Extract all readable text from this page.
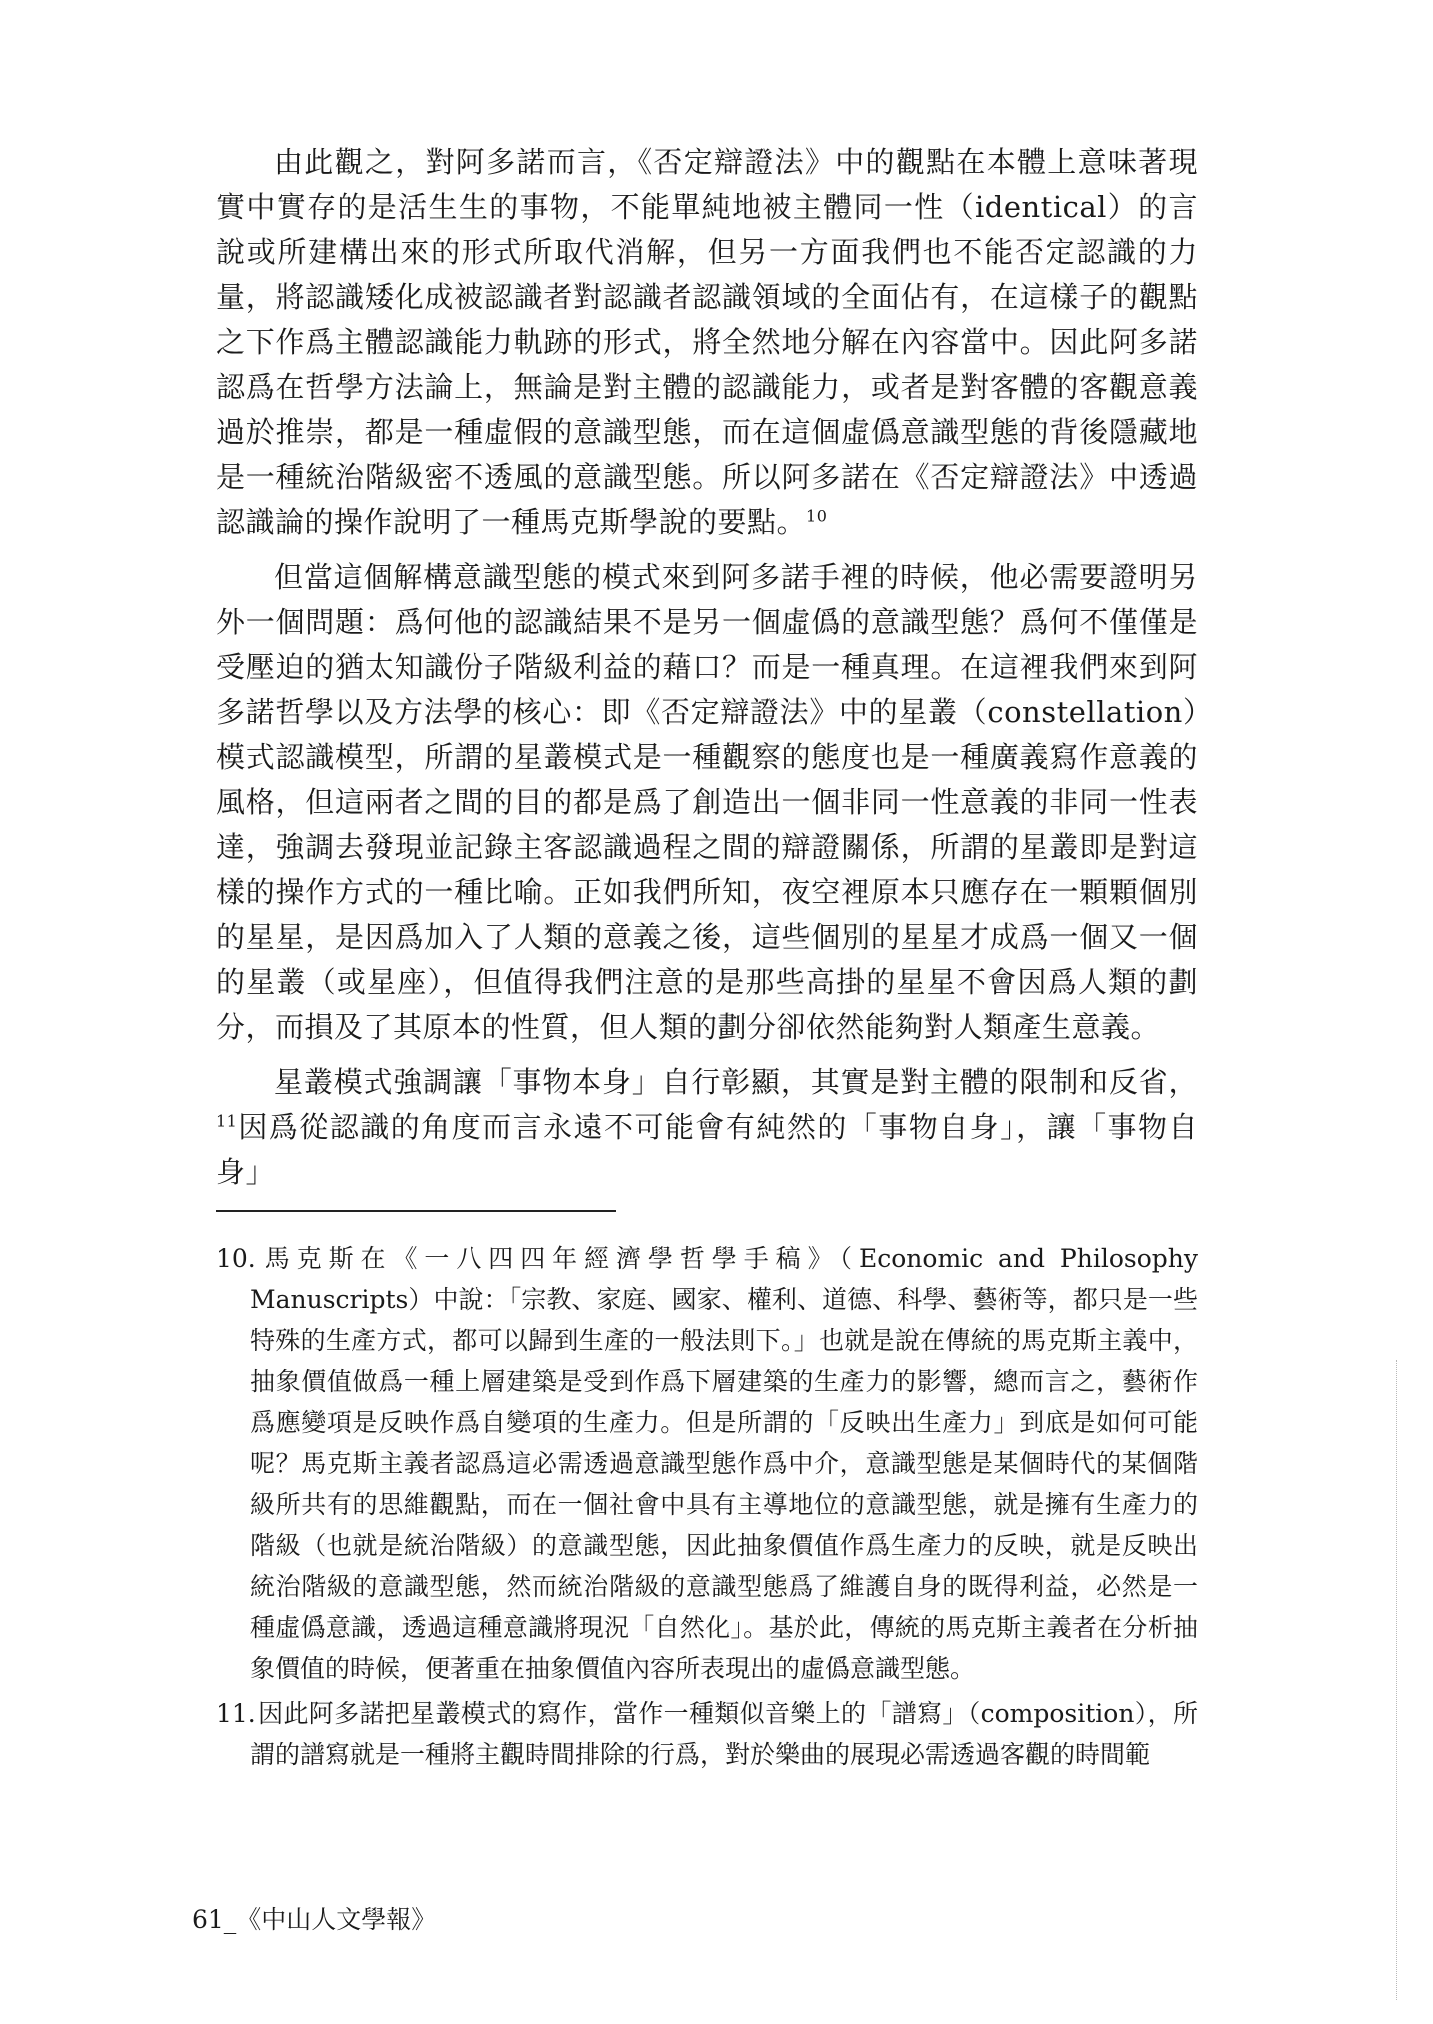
由此觀之，對阿多諾而言，《否定辯證法》中的觀點在本體上意味著現實中實存的是活生生的事物，不能單純地被主體同一性（identical）的言說或所建構出來的形式所取代消解，但另一方面我們也不能否定認識的力量，將認識矮化成被認識者對認識者認識領域的全面佔有，在這樣子的觀點之下作爲主體認識能力軌跡的形式，將全然地分解在內容當中。因此阿多諾認爲在哲學方法論上，無論是對主體的認識能力，或者是對客體的客觀意義過於推崇，都是一種虛假的意識型態，而在這個虛僞意識型態的背後隱藏地是一種統治階級密不透風的意識型態。所以阿多諾在《否定辯證法》中透過認識論的操作說明了一種馬克斯學說的要點。$^{10}$

但當這個解構意識型態的模式來到阿多諾手裡的時候，他必需要證明另外一個問題：爲何他的認識結果不是另一個虛僞的意識型態？爲何不僅僅是受壓迫的猶太知識份子階級利益的藉口？而是一種真理。在這裡我們來到阿多諾哲學以及方法學的核心：即《否定辯證法》中的星叢（constellation）模式認識模型，所謂的星叢模式是一種觀察的態度也是一種廣義寫作意義的風格，但這兩者之間的目的都是爲了創造出一個非同一性意義的非同一性表達，強調去發現並記錄主客認識過程之間的辯證關係，所謂的星叢即是對這樣的操作方式的一種比喻。正如我們所知，夜空裡原本只應存在一顆顆個別的星星，是因爲加入了人類的意義之後，這些個別的星星才成爲一個又一個的星叢（或星座），但值得我們注意的是那些高掛的星星不會因爲人類的劃分，而損及了其原本的性質，但人類的劃分卻依然能夠對人類產生意義。

星叢模式強調讓「事物本身」自行彰顯，其實是對主體的限制和反省，$^{11}$因爲從認識的角度而言永遠不可能會有純然的「事物自身」，讓「事物自身」

10.馬克斯在《一八四四年經濟學哲學手稿》（Economic and Philosophy Manuscripts）中說：「宗教、家庭、國家、權利、道德、科學、藝術等，都只是一些特殊的生產方式，都可以歸到生產的一般法則下。」也就是說在傳統的馬克斯主義中，抽象價值做爲一種上層建築是受到作爲下層建築的生產力的影響，總而言之，藝術作爲應變項是反映作爲自變項的生產力。但是所謂的「反映出生產力」到底是如何可能呢？馬克斯主義者認爲這必需透過意識型態作爲中介，意識型態是某個時代的某個階級所共有的思維觀點，而在一個社會中具有主導地位的意識型態，就是擁有生產力的階級（也就是統治階級）的意識型態，因此抽象價值作爲生產力的反映，就是反映出統治階級的意識型態，然而統治階級的意識型態爲了維護自身的既得利益，必然是一種虛僞意識，透過這種意識將現況「自然化」。基於此，傳統的馬克斯主義者在分析抽象價值的時候，便著重在抽象價值內容所表現出的虛僞意識型態。

11.因此阿多諾把星叢模式的寫作，當作一種類似音樂上的「譜寫」（composition），所謂的譜寫就是一種將主觀時間排除的行爲，對於樂曲的展現必需透過客觀的時間範

61_《中山人文學報》
